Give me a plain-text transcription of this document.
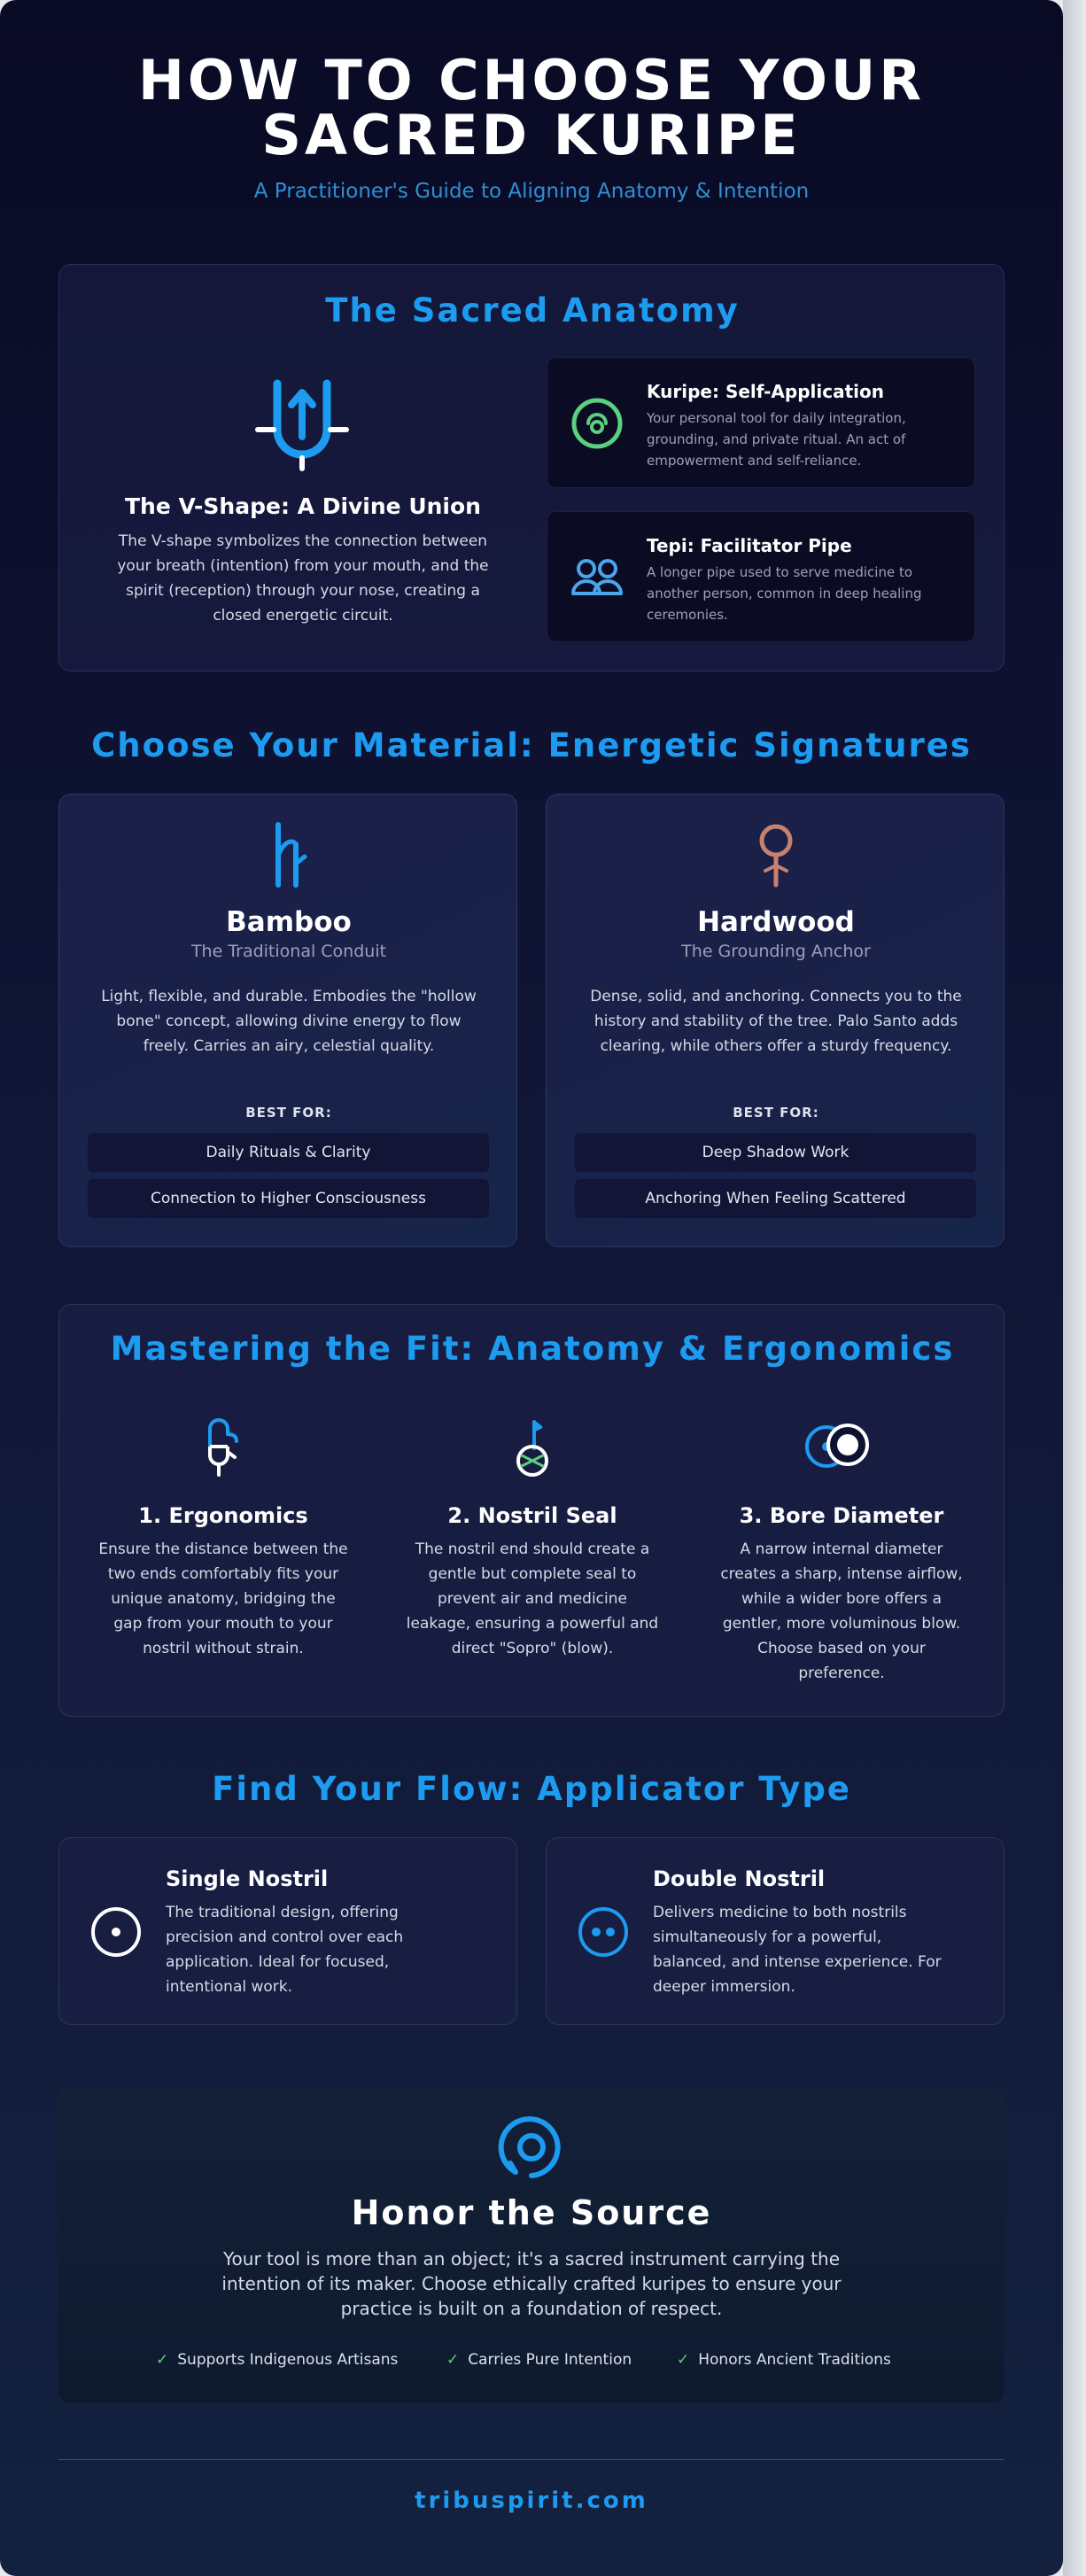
HOW TO CHOOSE YOUR
SACRED KURIPE
A Practitioner's Guide to Aligning Anatomy & Intention
The Sacred Anatomy
The V-Shape: A Divine Union
The V-shape symbolizes the connection between
your breath (intention) from your mouth, and the
spirit (reception) through your nose, creating a
closed energetic circuit.
Kuripe: Self-Application
Your personal tool for daily integration,
grounding, and private ritual. An act of
empowerment and self-reliance.
Tepi: Facilitator Pipe
A longer pipe used to serve medicine to
another person, common in deep healing
ceremonies.
Choose Your Material: Energetic Signatures
Bamboo
The Traditional Conduit
Light, flexible, and durable. Embodies the "hollow
bone" concept, allowing divine energy to flow
freely. Carries an airy, celestial quality.
BEST FOR:
Daily Rituals & Clarity
Connection to Higher Consciousness
Hardwood
The Grounding Anchor
Dense, solid, and anchoring. Connects you to the
history and stability of the tree. Palo Santo adds
clearing, while others offer a sturdy frequency.
BEST FOR:
Deep Shadow Work
Anchoring When Feeling Scattered
Mastering the Fit: Anatomy & Ergonomics
1. Ergonomics
Ensure the distance between the
two ends comfortably fits your
unique anatomy, bridging the
gap from your mouth to your
nostril without strain.
2. Nostril Seal
The nostril end should create a
gentle but complete seal to
prevent air and medicine
leakage, ensuring a powerful and
direct "Sopro" (blow).
3. Bore Diameter
A narrow internal diameter
creates a sharp, intense airflow,
while a wider bore offers a
gentler, more voluminous blow.
Choose based on your
preference.
Find Your Flow: Applicator Type
Single Nostril
The traditional design, offering
precision and control over each
application. Ideal for focused,
intentional work.
Double Nostril
Delivers medicine to both nostrils
simultaneously for a powerful,
balanced, and intense experience. For
deeper immersion.
Honor the Source
Your tool is more than an object; it's a sacred instrument carrying the
intention of its maker. Choose ethically crafted kuripes to ensure your
practice is built on a foundation of respect.
✓ Supports Indigenous Artisans	✓ Carries Pure Intention	✓ Honors Ancient Traditions
tribuspirit.com
